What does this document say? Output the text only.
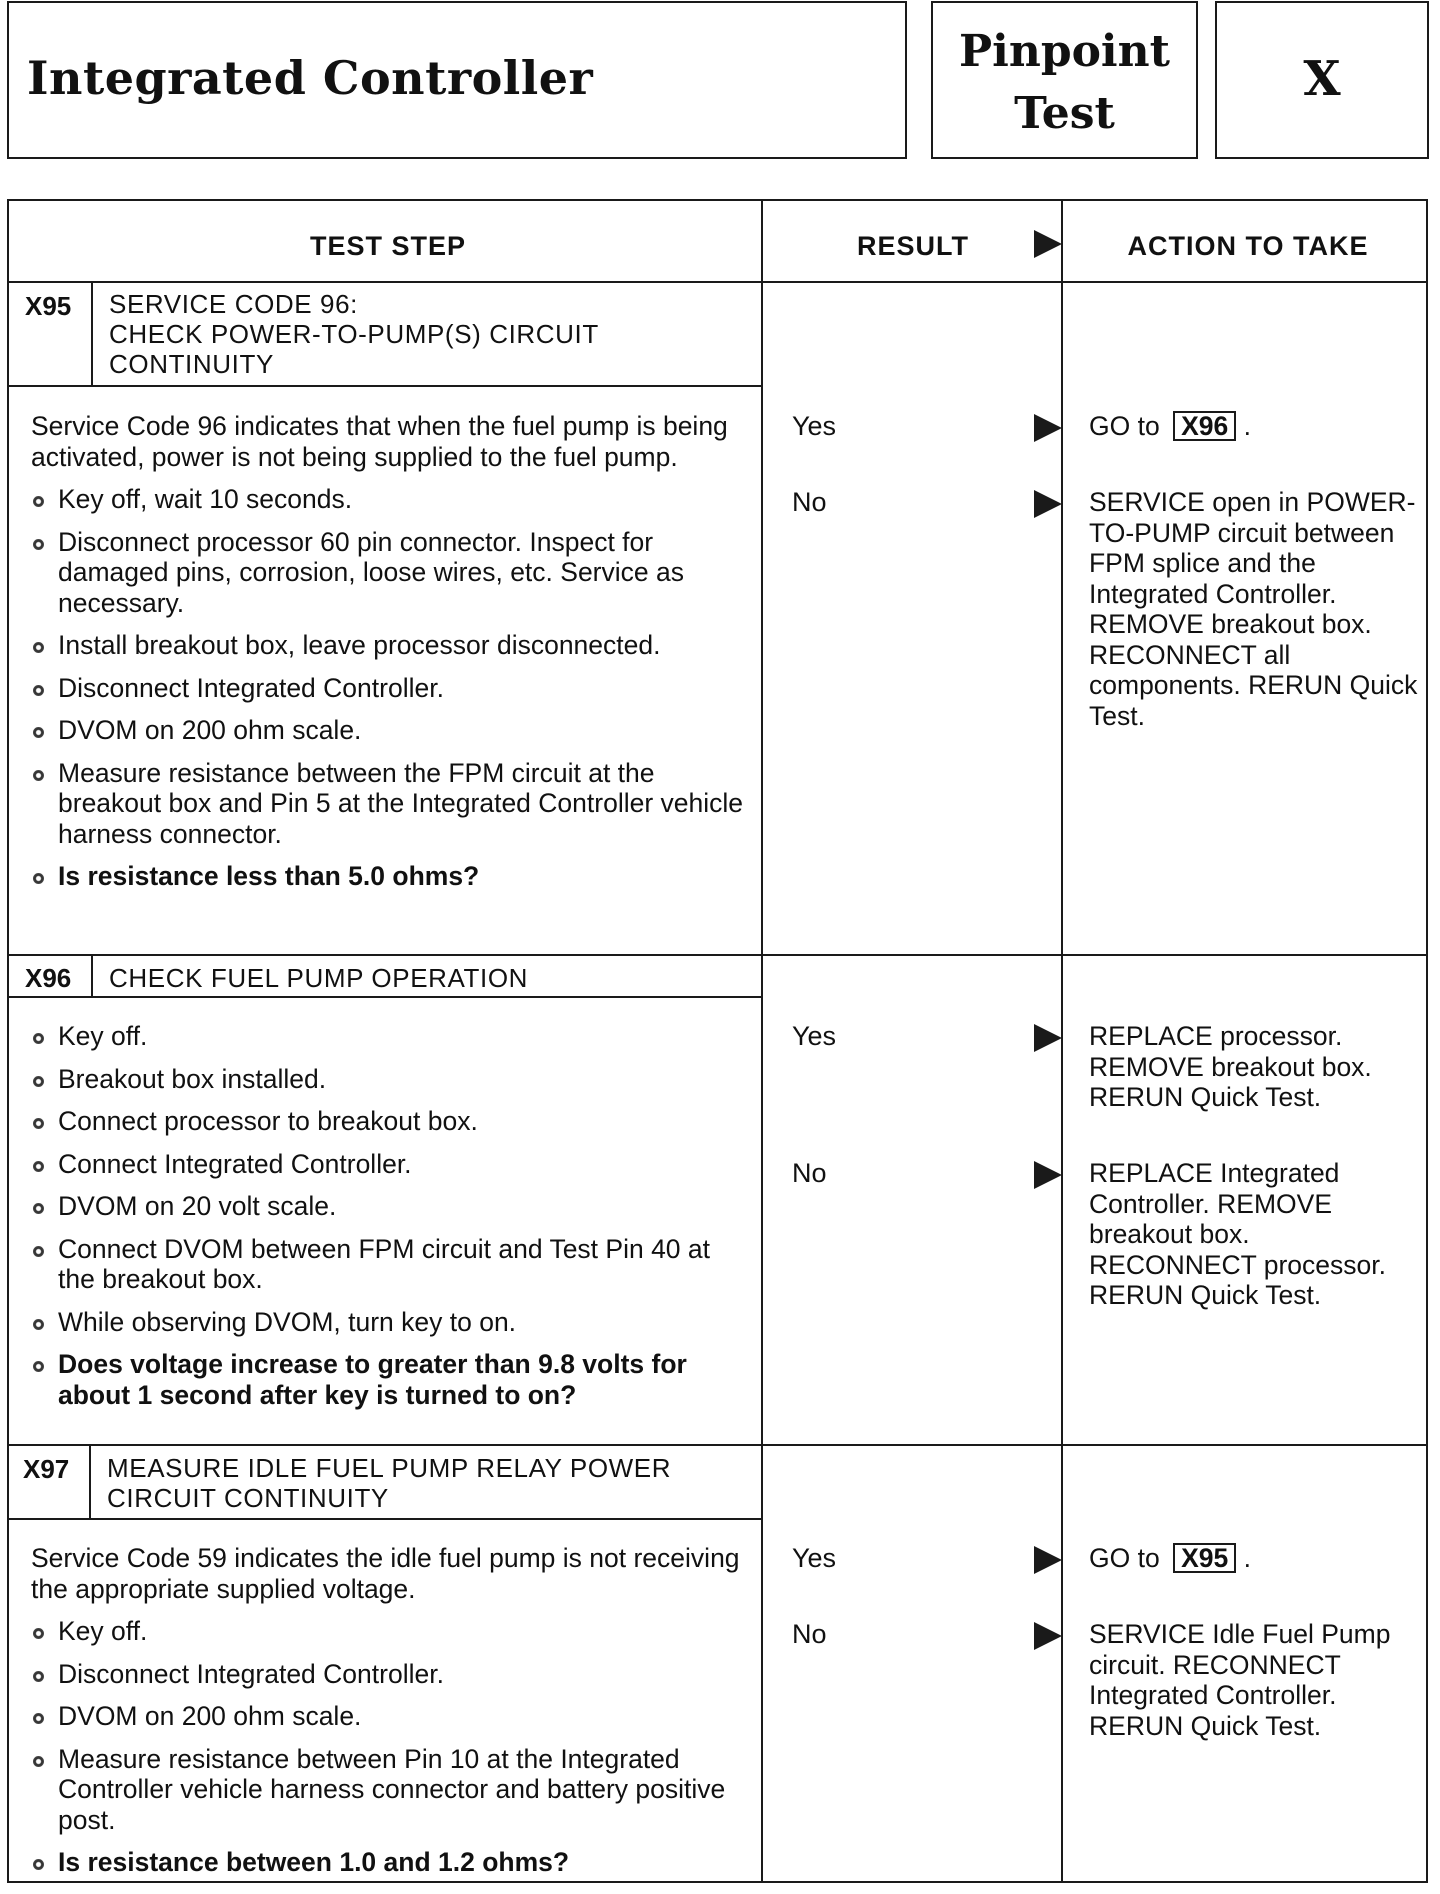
Integrated Controller	Pinpoint
Test
X
TEST STEP	RESULT	ACTION TO TAKE
X95 SERVICE CODE 96:
CHECK POWER-TO-PUMP(S) CIRCUIT
CONTINUITY

Service Code 96 indicates that when the fuel pump is being activated, power is not being supplied to the fuel pump.

Key off, wait 10 seconds.
Disconnect processor 60 pin connector. Inspect for damaged pins, corrosion, loose wires, etc. Service as necessary.
Install breakout box, leave processor disconnected.
Disconnect Integrated Controller.
DVOM on 200 ohm scale.
Measure resistance between the FPM circuit at the breakout box and Pin 5 at the Integrated Controller vehicle harness connector.
Is resistance less than 5.0 ohms?
Yes	GO to X96 .
No	SERVICE open in POWER-TO-PUMP circuit between FPM splice and the Integrated Controller. REMOVE breakout box. RECONNECT all components. RERUN Quick Test.
X96 CHECK FUEL PUMP OPERATION
Key off.
Breakout box installed.
Connect processor to breakout box.
Connect Integrated Controller.
DVOM on 20 volt scale.
Connect DVOM between FPM circuit and Test Pin 40 at the breakout box.
While observing DVOM, turn key to on.
Does voltage increase to greater than 9.8 volts for about 1 second after key is turned to on?
Yes	REPLACE processor. REMOVE breakout box. RERUN Quick Test.
No	REPLACE Integrated Controller. REMOVE breakout box. RECONNECT processor. RERUN Quick Test.
X97 MEASURE IDLE FUEL PUMP RELAY POWER
CIRCUIT CONTINUITY

Service Code 59 indicates the idle fuel pump is not receiving the appropriate supplied voltage.

Key off.
Disconnect Integrated Controller.
DVOM on 200 ohm scale.
Measure resistance between Pin 10 at the Integrated Controller vehicle harness connector and battery positive post.
Is resistance between 1.0 and 1.2 ohms?
Yes	GO to X95 .
No	SERVICE Idle Fuel Pump circuit. RECONNECT Integrated Controller. RERUN Quick Test.
